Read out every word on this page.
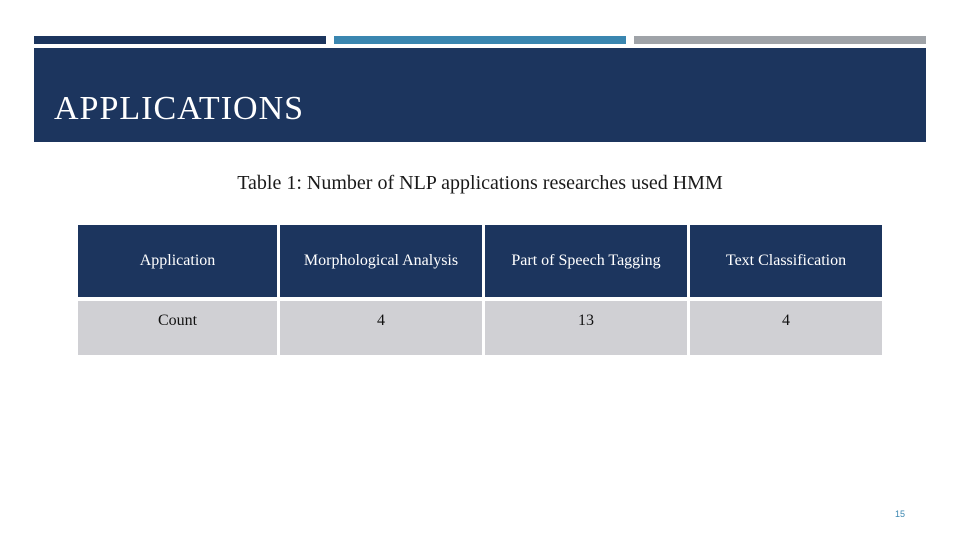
APPLICATIONS
Table 1: Number of NLP applications researches used HMM
Application	Morphological Analysis	Part of Speech Tagging	Text Classification
Count	4	13	4
15
